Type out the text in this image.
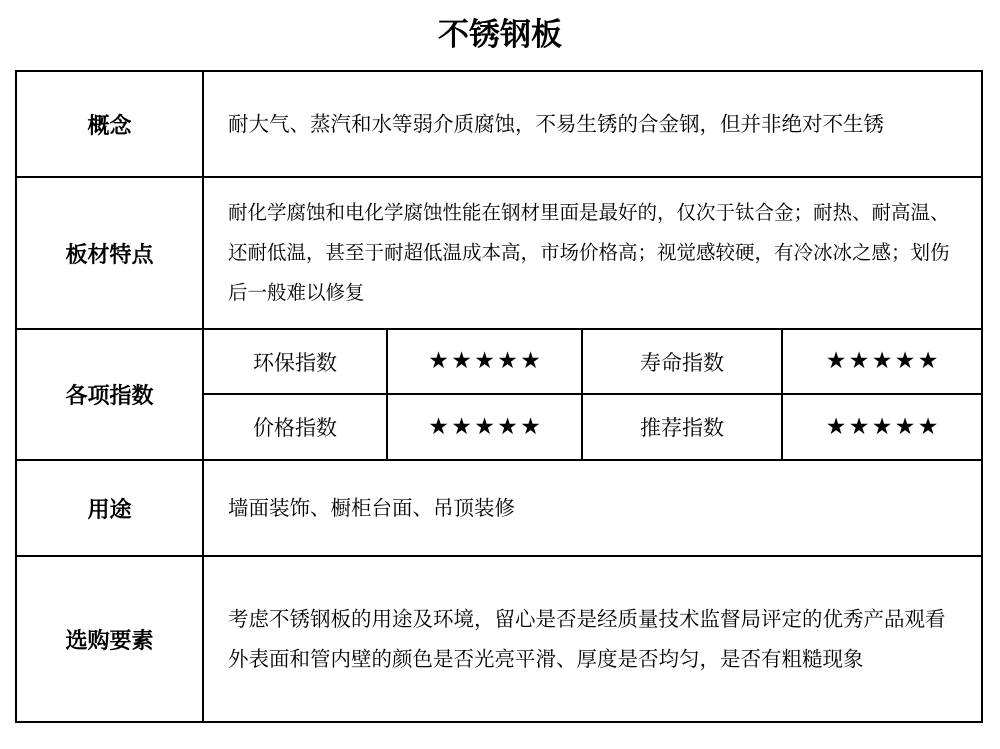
不锈钢板
概念	耐大气、蒸汽和水等弱介质腐蚀，不易生锈的合金钢，但并非绝对不生锈			
板材特点	耐化学腐蚀和电化学腐蚀性能在钢材里面是最好的，仅次于钛合金；耐热、耐高温、还耐低温，甚至于耐超低温成本高，市场价格高；视觉感较硬，有冷冰冰之感；划伤后一般难以修复			
各项指数	环保指数	★ ★ ★ ★ ★	寿命指数	★ ★ ★ ★ ★
	价格指数	★ ★ ★ ★ ★	推荐指数	★ ★ ★ ★ ★
用途	墙面装饰、橱柜台面、吊顶装修			
选购要素	考虑不锈钢板的用途及环境，留心是否是经质量技术监督局评定的优秀产品观看外表面和管内壁的颜色是否光亮平滑、厚度是否均匀，是否有粗糙现象			
